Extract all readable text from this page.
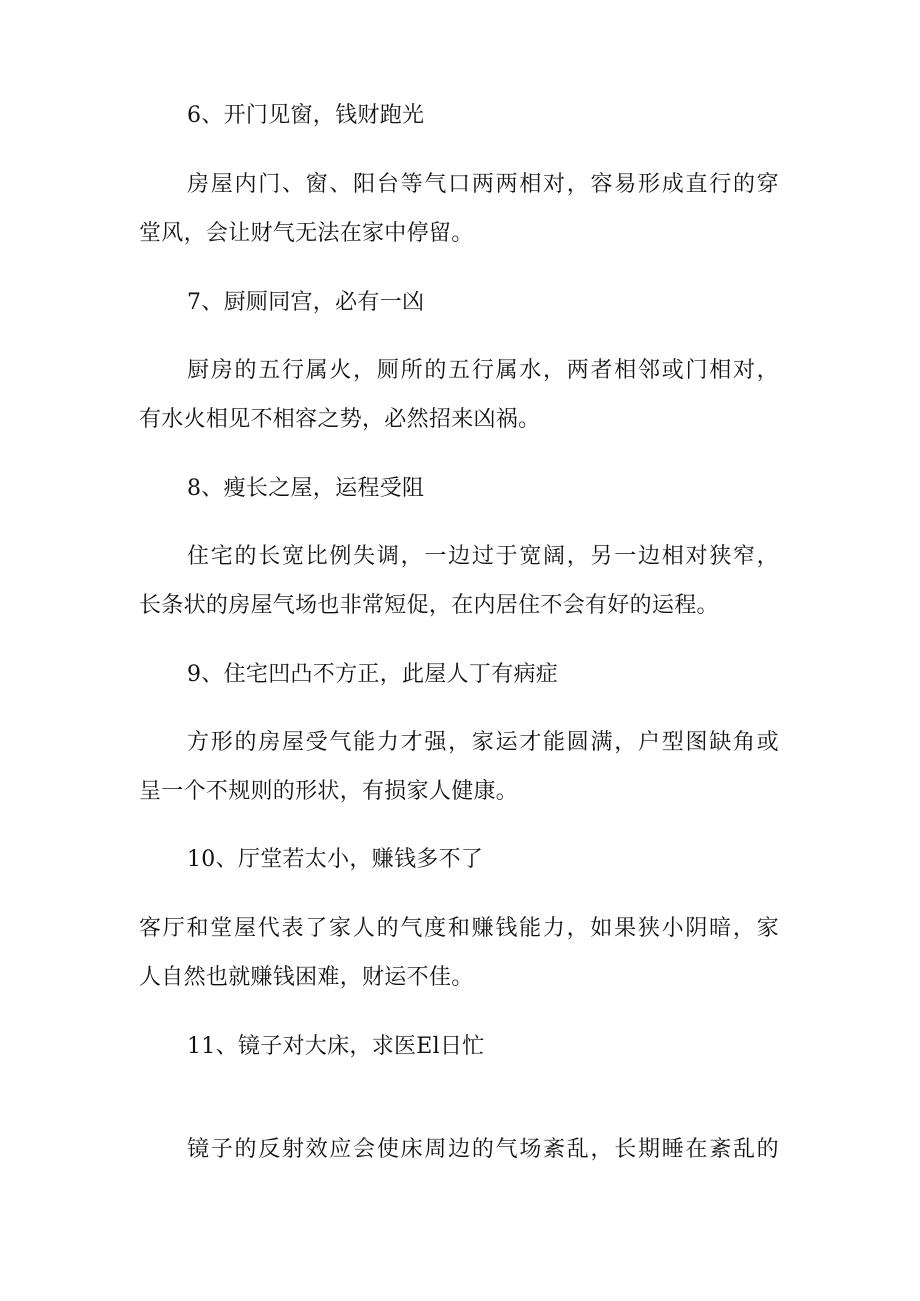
6、开门见窗，钱财跑光
房屋内门、窗、阳台等气口两两相对，容易形成直行的穿
堂风，会让财气无法在家中停留。
7、厨厕同宫，必有一凶
厨房的五行属火，厕所的五行属水，两者相邻或门相对，
有水火相见不相容之势，必然招来凶祸。
8、瘦长之屋，运程受阻
住宅的长宽比例失调，一边过于宽阔，另一边相对狭窄，
长条状的房屋气场也非常短促，在内居住不会有好的运程。
9、住宅凹凸不方正，此屋人丁有病症
方形的房屋受气能力才强，家运才能圆满，户型图缺角或
呈一个不规则的形状，有损家人健康。
10、厅堂若太小，赚钱多不了
客厅和堂屋代表了家人的气度和赚钱能力，如果狭小阴暗，家
人自然也就赚钱困难，财运不佳。
11、镜子对大床，求医El日忙
镜子的反射效应会使床周边的气场紊乱，长期睡在紊乱的
